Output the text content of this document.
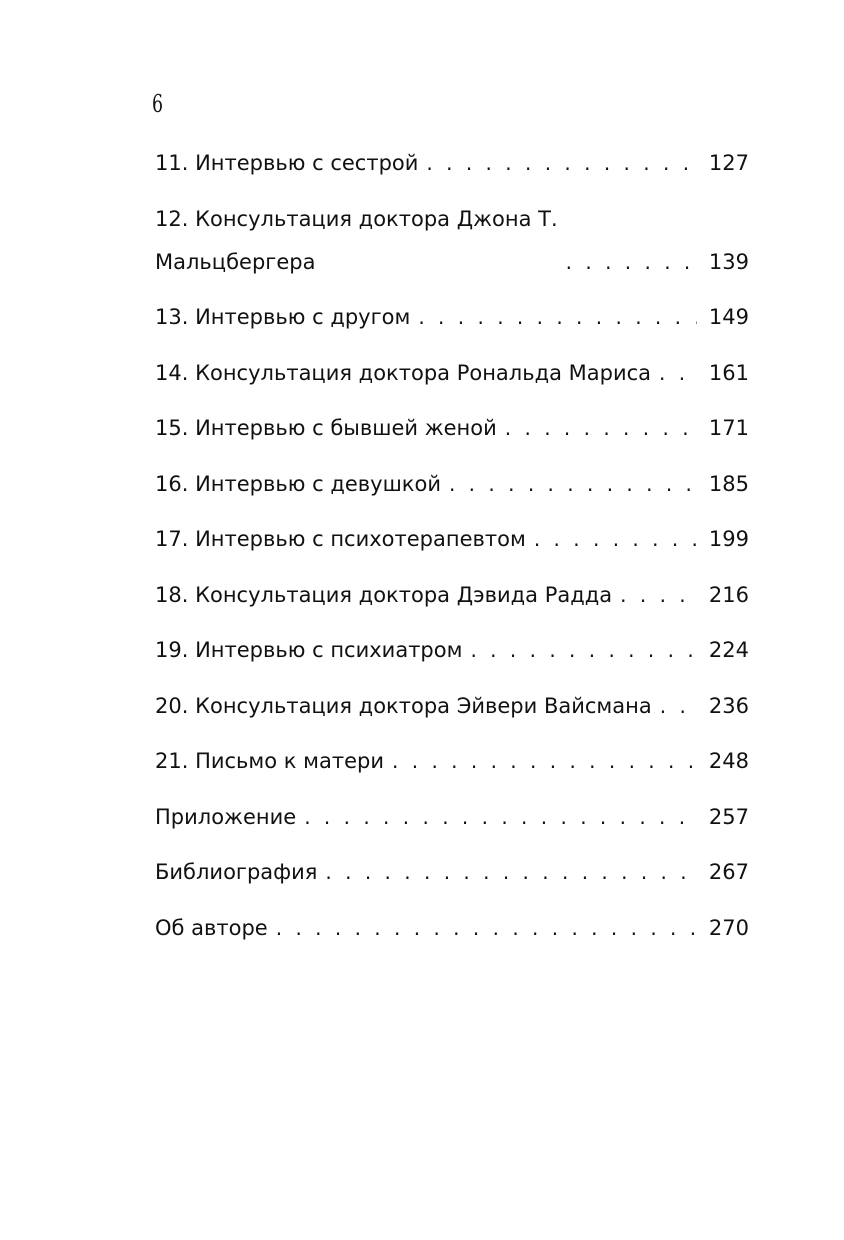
6
11. Интервью с сестрой . . .	127
12. Консультация доктора Джона Т.
Мальцбергера . . .	139
13. Интервью с другом . . .	149
14. Консультация доктора Рональда Мариса . . .	161
15. Интервью с бывшей женой . . .	171
16. Интервью с девушкой . . .	185
17. Интервью с психотерапевтом . . .	199
18. Консультация доктора Дэвида Радда . . .	216
19. Интервью с психиатром . . .	224
20. Консультация доктора Эйвери Вайсмана . . .	236
21. Письмо к матери . . .	248
Приложение . . .	257
Библиография . . .	267
Об авторе . . .	270
